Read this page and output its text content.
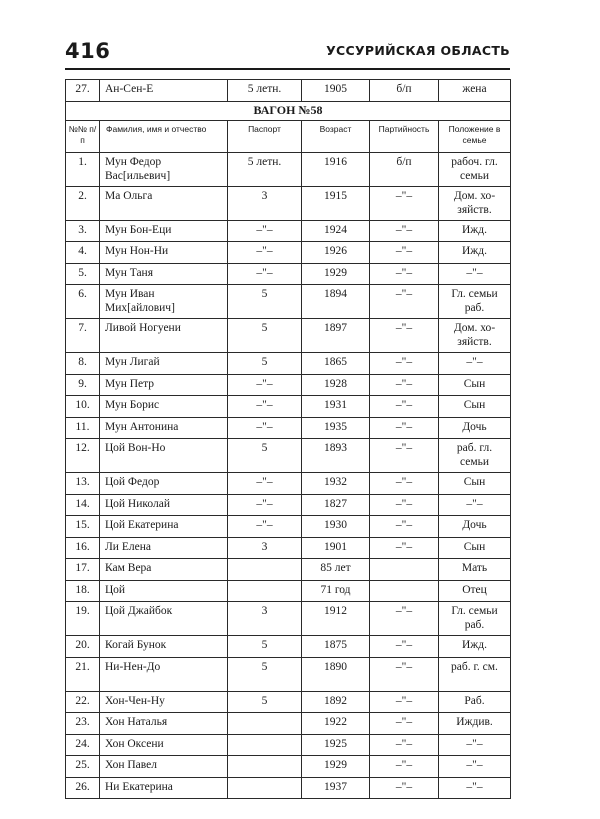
416	УССУРИЙСКАЯ ОБЛАСТЬ
27.	Ан-Сен-Е	5 летн.	1905	б/п	жена
ВАГОН №58					
№№ п/п	Фамилия, имя и отчество	Паспорт	Возраст	Партийность	Положение в семье
1.	Мун Федор Вас[ильевич]	5 летн.	1916	б/п	рабоч. гл. семьи
2.	Ма Ольга	3	1915	–"–	Дом. хозяйств.
3.	Мун Бон-Еци	–"–	1924	–"–	Ижд.
4.	Мун Нон-Ни	–"–	1926	–"–	Ижд.
5.	Мун Таня	–"–	1929	–"–	–"–
6.	Мун Иван Мих[айлович]	5	1894	–"–	Гл. семьи раб.
7.	Ливой Ногуени	5	1897	–"–	Дом. хозяйств.
8.	Мун Лигай	5	1865	–"–	–"–
9.	Мун Петр	–"–	1928	–"–	Сын
10.	Мун Борис	–"–	1931	–"–	Сын
11.	Мун Антонина	–"–	1935	–"–	Дочь
12.	Цой Вон-Но	5	1893	–"–	раб. гл. семьи
13.	Цой Федор	–"–	1932	–"–	Сын
14.	Цой Николай	–"–	1827	–"–	–"–
15.	Цой Екатерина	–"–	1930	–"–	Дочь
16.	Ли Елена	3	1901	–"–	Сын
17.	Кам Вера		85 лет		Мать
18.	Цой		71 год		Отец
19.	Цой Джайбок	3	1912	–"–	Гл. семьи раб.
20.	Когай Бунок	5	1875	–"–	Ижд.
21.	Ни-Нен-До	5	1890	–"–	раб. г. см.
22.	Хон-Чен-Ну	5	1892	–"–	Раб.
23.	Хон Наталья		1922	–"–	Иждив.
24.	Хон Оксени		1925	–"–	–"–
25.	Хон Павел		1929	–"–	–"–
26.	Ни Екатерина		1937	–"–	–"–
